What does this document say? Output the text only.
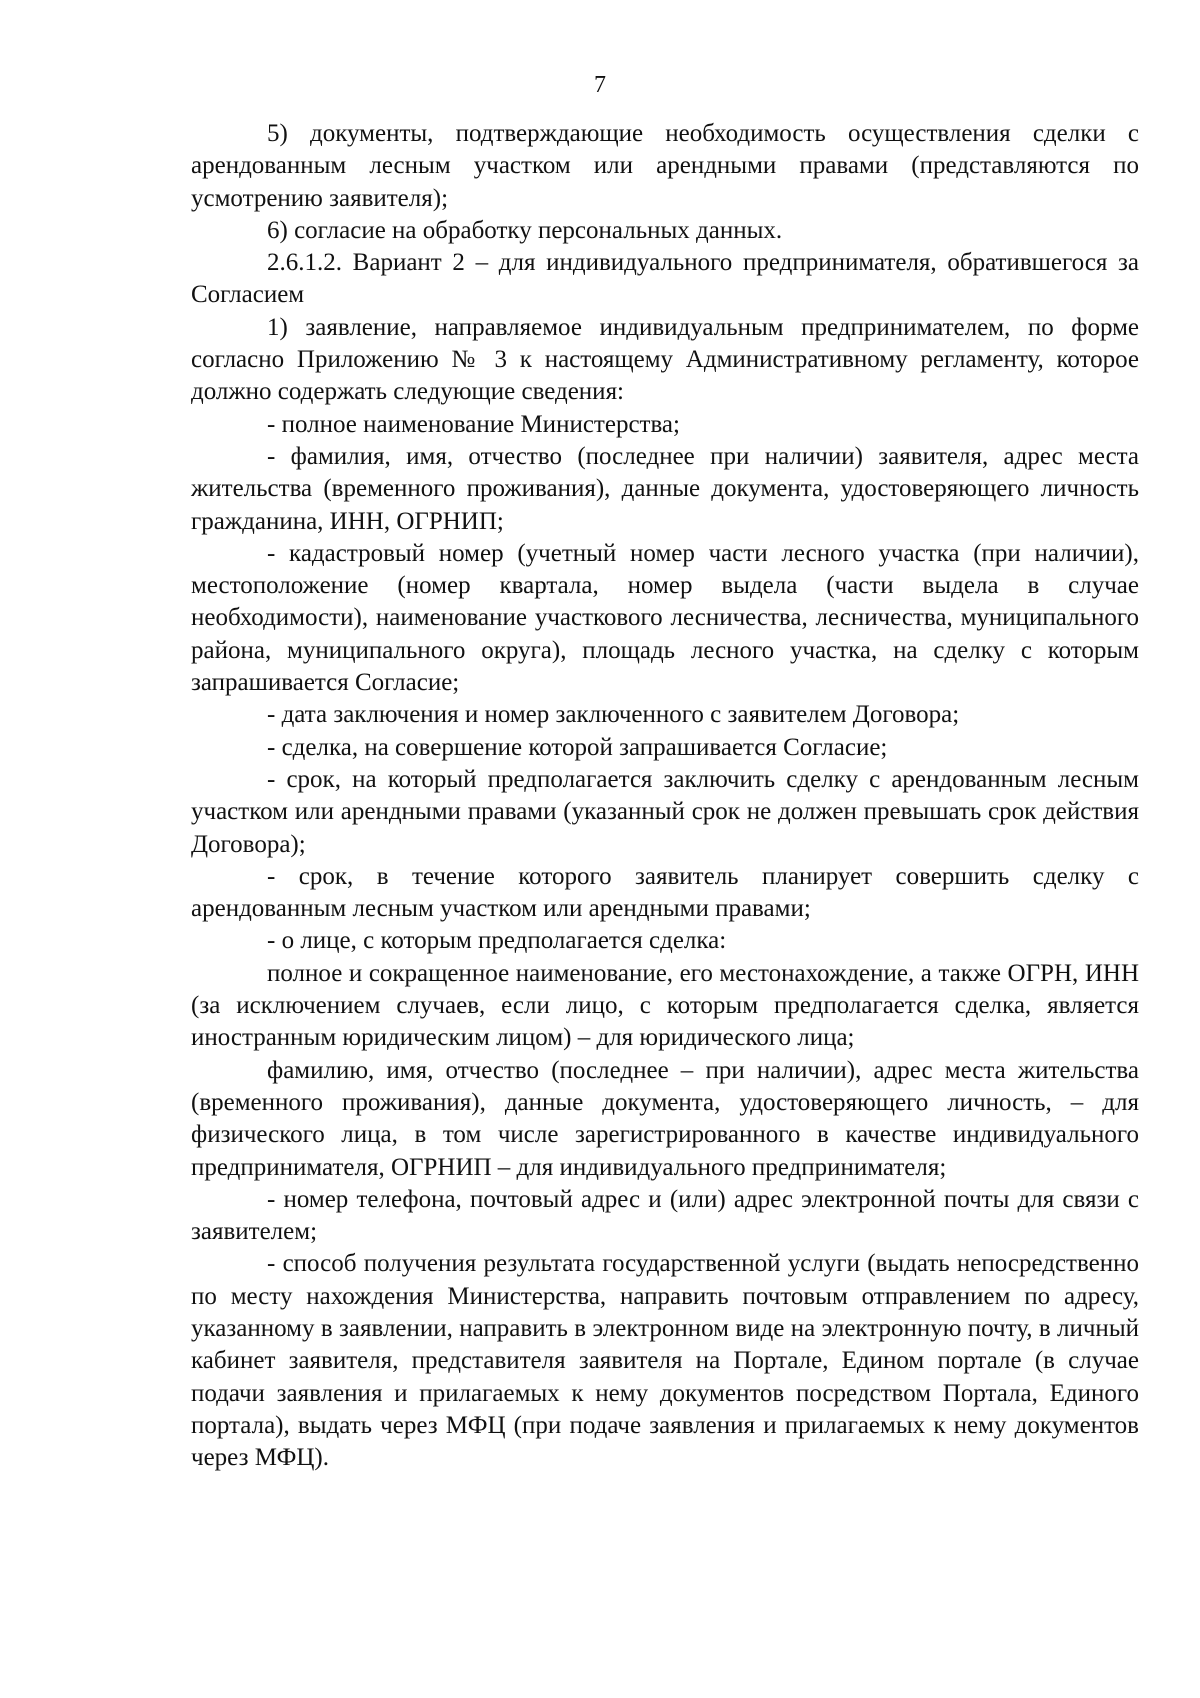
7

5) документы, подтверждающие необходимость осуществления сделки с арендованным лесным участком или арендными правами (представляются по усмотрению заявителя);

6) согласие на обработку персональных данных.

2.6.1.2. Вариант 2 – для индивидуального предпринимателя, обратившегося за Согласием

1) заявление, направляемое индивидуальным предпринимателем, по форме согласно Приложению № 3 к настоящему Административному регламенту, которое должно содержать следующие сведения:

- полное наименование Министерства;

- фамилия, имя, отчество (последнее при наличии) заявителя, адрес места жительства (временного проживания), данные документа, удостоверяющего личность гражданина, ИНН, ОГРНИП;

- кадастровый номер (учетный номер части лесного участка (при наличии), местоположение (номер квартала, номер выдела (части выдела в случае необходимости), наименование участкового лесничества, лесничества, муниципального района, муниципального округа), площадь лесного участка, на сделку с которым запрашивается Согласие;

- дата заключения и номер заключенного с заявителем Договора;

- сделка, на совершение которой запрашивается Согласие;

- срок, на который предполагается заключить сделку с арендованным лесным участком или арендными правами (указанный срок не должен превышать срок действия Договора);

- срок, в течение которого заявитель планирует совершить сделку с арендованным лесным участком или арендными правами;

- о лице, с которым предполагается сделка:

полное и сокращенное наименование, его местонахождение, а также ОГРН, ИНН (за исключением случаев, если лицо, с которым предполагается сделка, является иностранным юридическим лицом) – для юридического лица;

фамилию, имя, отчество (последнее – при наличии), адрес места жительства (временного проживания), данные документа, удостоверяющего личность, – для физического лица, в том числе зарегистрированного в качестве индивидуального предпринимателя, ОГРНИП – для индивидуального предпринимателя;

- номер телефона, почтовый адрес и (или) адрес электронной почты для связи с заявителем;

- способ получения результата государственной услуги (выдать непосредственно по месту нахождения Министерства, направить почтовым отправлением по адресу, указанному в заявлении, направить в электронном виде на электронную почту, в личный кабинет заявителя, представителя заявителя на Портале, Едином портале (в случае подачи заявления и прилагаемых к нему документов посредством Портала, Единого портала), выдать через МФЦ (при подаче заявления и прилагаемых к нему документов через МФЦ).
